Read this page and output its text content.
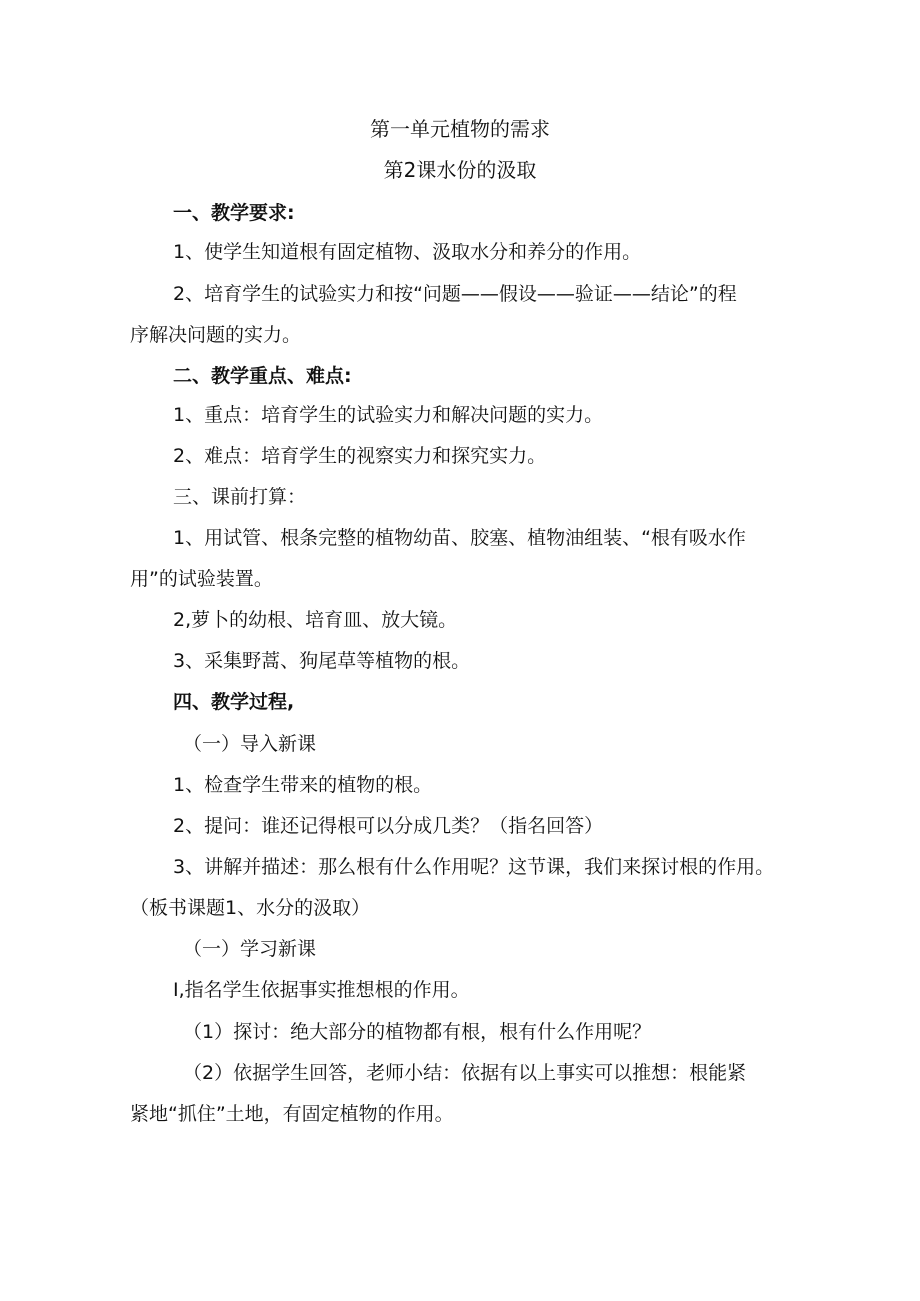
第一单元植物的需求
第2课水份的汲取
一、教学要求:
1、使学生知道根有固定植物、汲取水分和养分的作用。
2、培育学生的试验实力和按“问题——假设——验证——结论”的程
序解决问题的实力。
二、教学重点、难点:
1、重点：培育学生的试验实力和解决问题的实力。
2、难点：培育学生的视察实力和探究实力。
三、课前打算：
1、用试管、根条完整的植物幼苗、胶塞、植物油组装、“根有吸水作
用”的试验装置。
2,萝卜的幼根、培育皿、放大镜。
3、采集野蒿、狗尾草等植物的根。
四、教学过程,
（一）导入新课
1、检查学生带来的植物的根。
2、提问：谁还记得根可以分成几类？（指名回答）
3、讲解并描述：那么根有什么作用呢？这节课，我们来探讨根的作用。
（板书课题1、水分的汲取）
（一）学习新课
I,指名学生依据事实推想根的作用。
（1）探讨：绝大部分的植物都有根，根有什么作用呢？
（2）依据学生回答，老师小结：依据有以上事实可以推想：根能紧
紧地“抓住”土地，有固定植物的作用。
